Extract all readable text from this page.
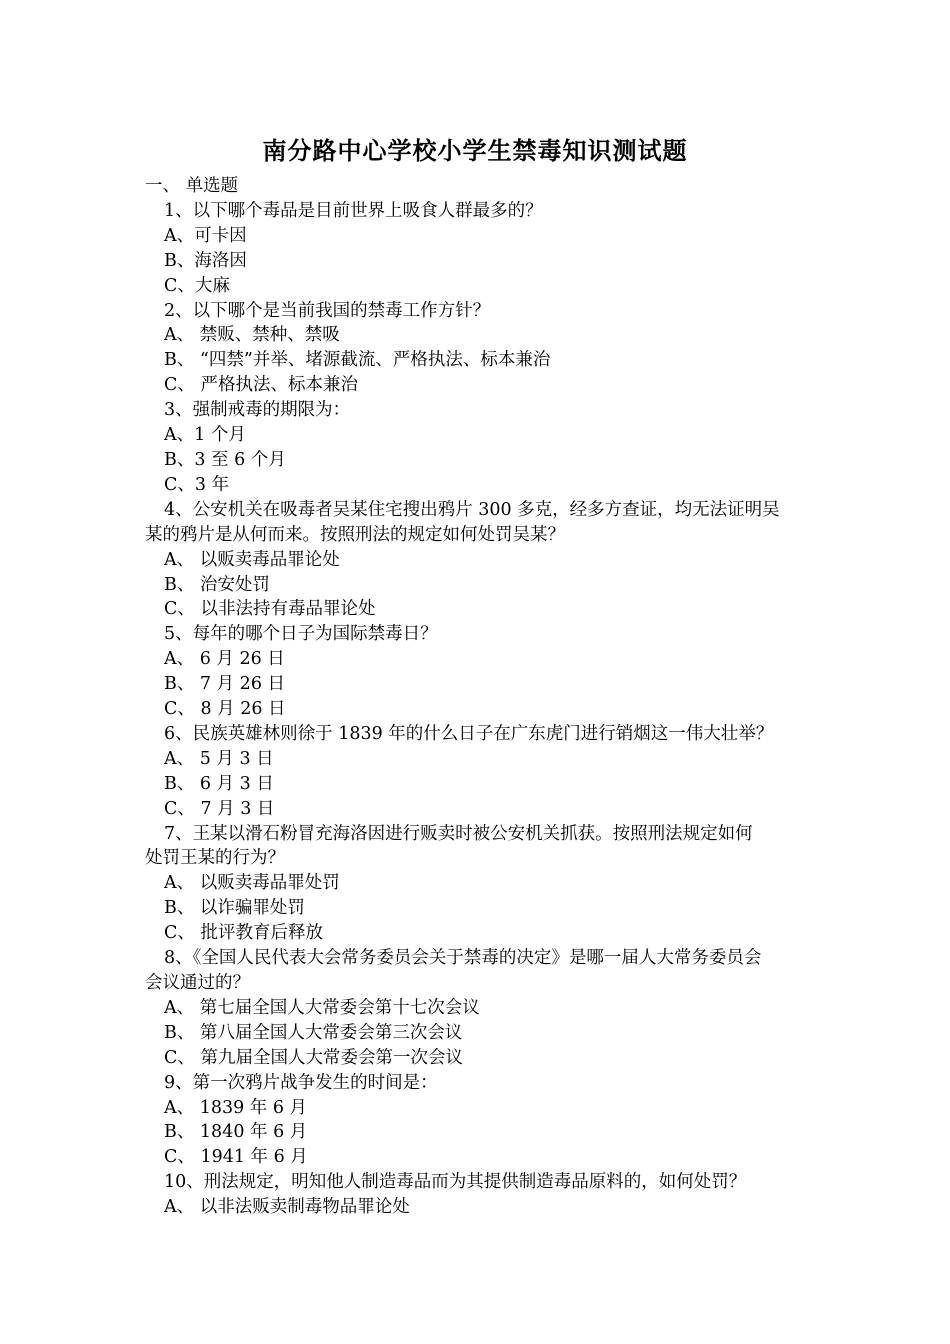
南分路中心学校小学生禁毒知识测试题

一、 单选题

1、以下哪个毒品是目前世界上吸食人群最多的？

A、可卡因

B、海洛因

C、大麻

2、以下哪个是当前我国的禁毒工作方针？

A、 禁贩、禁种、禁吸

B、 “四禁”并举、堵源截流、严格执法、标本兼治

C、 严格执法、标本兼治

3、强制戒毒的期限为：

A、1 个月

B、3 至 6 个月

C、3 年

4、公安机关在吸毒者吴某住宅搜出鸦片 300 多克，经多方查证，均无法证明吴

某的鸦片是从何而来。按照刑法的规定如何处罚吴某？

A、 以贩卖毒品罪论处

B、 治安处罚

C、 以非法持有毒品罪论处

5、每年的哪个日子为国际禁毒日？

A、 6 月 26 日

B、 7 月 26 日

C、 8 月 26 日

6、民族英雄林则徐于 1839 年的什么日子在广东虎门进行销烟这一伟大壮举？

A、 5 月 3 日

B、 6 月 3 日

C、 7 月 3 日

7、王某以滑石粉冒充海洛因进行贩卖时被公安机关抓获。按照刑法规定如何

处罚王某的行为？

A、 以贩卖毒品罪处罚

B、 以诈骗罪处罚

C、 批评教育后释放

8、《全国人民代表大会常务委员会关于禁毒的决定》是哪一届人大常务委员会

会议通过的？

A、 第七届全国人大常委会第十七次会议

B、 第八届全国人大常委会第三次会议

C、 第九届全国人大常委会第一次会议

9、第一次鸦片战争发生的时间是：

A、 1839 年 6 月

B、 1840 年 6 月

C、 1941 年 6 月

10、刑法规定，明知他人制造毒品而为其提供制造毒品原料的，如何处罚？

A、 以非法贩卖制毒物品罪论处
